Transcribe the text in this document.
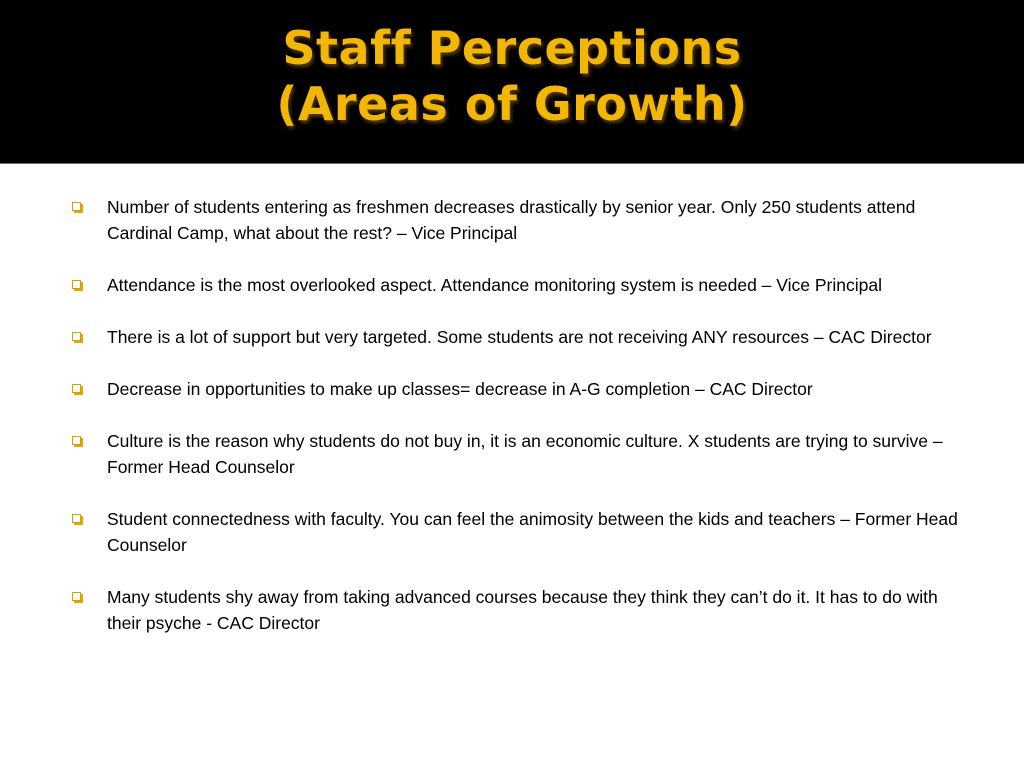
Staff Perceptions
(Areas of Growth)
Number of students entering as freshmen decreases drastically by senior year. Only 250 students attend Cardinal Camp, what about the rest? – Vice Principal
Attendance is the most overlooked aspect. Attendance monitoring system is needed – Vice Principal
There is a lot of support but very targeted. Some students are not receiving ANY resources – CAC Director
Decrease in opportunities to make up classes= decrease in A-G completion – CAC Director
Culture is the reason why students do not buy in, it is an economic culture. X students are trying to survive – Former Head Counselor
Student connectedness with faculty. You can feel the animosity between the kids and teachers – Former Head Counselor
Many students shy away from taking advanced courses because they think they can’t do it. It has to do with their psyche - CAC Director
